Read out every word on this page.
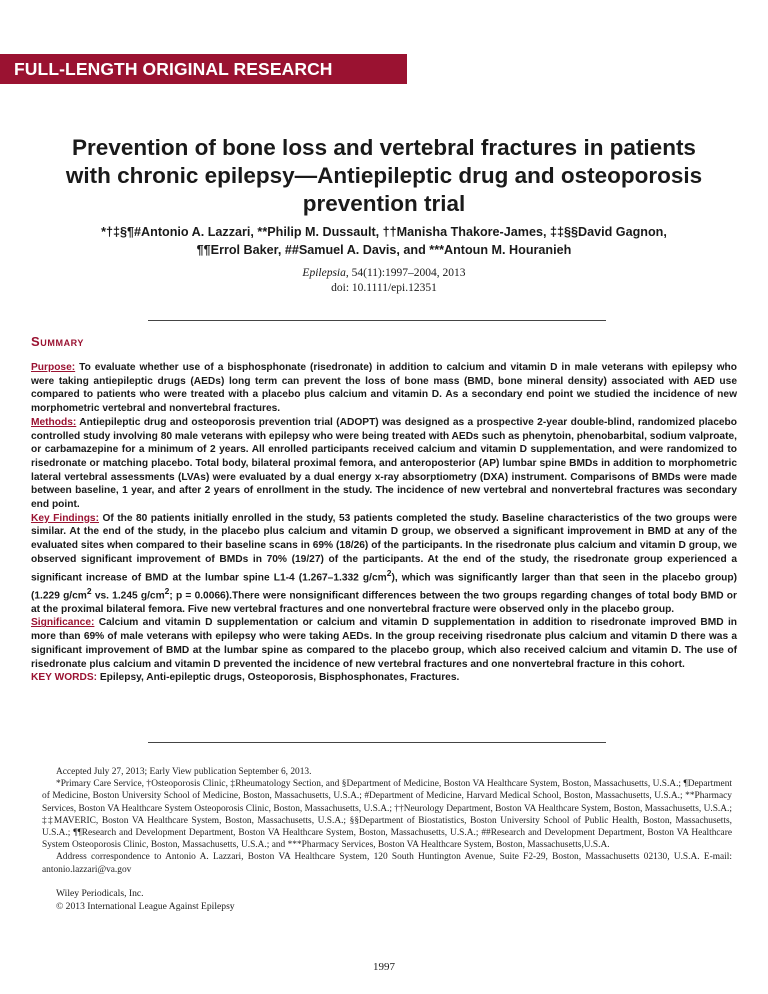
FULL-LENGTH ORIGINAL RESEARCH
Prevention of bone loss and vertebral fractures in patients
with chronic epilepsy—Antiepileptic drug and osteoporosis
prevention trial
*†‡§¶#Antonio A. Lazzari, **Philip M. Dussault, ††Manisha Thakore-James, ‡‡§§David Gagnon,
¶¶Errol Baker, ##Samuel A. Davis, and ***Antoun M. Houranieh
Epilepsia, 54(11):1997–2004, 2013
doi: 10.1111/epi.12351
Summary

Purpose: To evaluate whether use of a bisphosphonate (risedronate) in addition to calcium and vitamin D in male veterans with epilepsy who were taking antiepileptic drugs (AEDs) long term can prevent the loss of bone mass (BMD, bone mineral density) associated with AED use compared to patients who were treated with a placebo plus calcium and vitamin D. As a secondary end point we studied the incidence of new morphometric vertebral and nonvertebral fractures.

Methods: Antiepileptic drug and osteoporosis prevention trial (ADOPT) was designed as a prospective 2-year double-blind, randomized placebo controlled study involving 80 male veterans with epilepsy who were being treated with AEDs such as phenytoin, phenobarbital, sodium valproate, or carbamazepine for a minimum of 2 years. All enrolled participants received calcium and vitamin D supplementation, and were randomized to risedronate or matching placebo. Total body, bilateral proximal femora, and anteroposterior (AP) lumbar spine BMDs in addition to morphometric lateral vertebral assessments (LVAs) were evaluated by a dual energy x-ray absorptiometry (DXA) instrument. Comparisons of BMDs were made between baseline, 1 year, and after 2 years of enrollment in the study. The incidence of new vertebral and nonvertebral fractures was secondary end point.

Key Findings: Of the 80 patients initially enrolled in the study, 53 patients completed the study. Baseline characteristics of the two groups were similar. At the end of the study, in the placebo plus calcium and vitamin D group, we observed a significant improvement in BMD at any of the evaluated sites when compared to their baseline scans in 69% (18/26) of the participants. In the risedronate plus calcium and vitamin D group, we observed significant improvement of BMDs in 70% (19/27) of the participants. At the end of the study, the risedronate group experienced a significant increase of BMD at the lumbar spine L1-4 (1.267–1.332 $g/cm^2$), which was significantly larger than that seen in the placebo group) (1.229 $g/cm^2$ vs. 1.245 $g/cm^2$; p = 0.0066).There were nonsignificant differences between the two groups regarding changes of total body BMD or at the proximal bilateral femora. Five new vertebral fractures and one nonvertebral fracture were observed only in the placebo group.

Significance: Calcium and vitamin D supplementation or calcium and vitamin D supplementation in addition to risedronate improved BMD in more than 69% of male veterans with epilepsy who were taking AEDs. In the group receiving risedronate plus calcium and vitamin D there was a significant improvement of BMD at the lumbar spine as compared to the placebo group, which also received calcium and vitamin D. The use of risedronate plus calcium and vitamin D prevented the incidence of new vertebral fractures and one nonvertebral fracture in this cohort.

KEY WORDS: Epilepsy, Anti-epileptic drugs, Osteoporosis, Bisphosphonates, Fractures.

Accepted July 27, 2013; Early View publication September 6, 2013.

*Primary Care Service, †Osteoporosis Clinic, ‡Rheumatology Section, and §Department of Medicine, Boston VA Healthcare System, Boston, Massachusetts, U.S.A.; ¶Department of Medicine, Boston University School of Medicine, Boston, Massachusetts, U.S.A.; #Department of Medicine, Harvard Medical School, Boston, Massachusetts, U.S.A.; **Pharmacy Services, Boston VA Healthcare System Osteoporosis Clinic, Boston, Massachusetts, U.S.A.; ††Neurology Department, Boston VA Healthcare System, Boston, Massachusetts, U.S.A.; ‡‡MAVERIC, Boston VA Healthcare System, Boston, Massachusetts, U.S.A.; §§Department of Biostatistics, Boston University School of Public Health, Boston, Massachusetts, U.S.A.; ¶¶Research and Development Department, Boston VA Healthcare System, Boston, Massachusetts, U.S.A.; ##Research and Development Department, Boston VA Healthcare System Osteoporosis Clinic, Boston, Massachusetts, U.S.A.; and ***Pharmacy Services, Boston VA Healthcare System, Boston, Massachusetts,U.S.A.

Address correspondence to Antonio A. Lazzari, Boston VA Healthcare System, 120 South Huntington Avenue, Suite F2-29, Boston, Massachusetts 02130, U.S.A. E-mail: antonio.lazzari@va.gov

Wiley Periodicals, Inc.
© 2013 International League Against Epilepsy
1997
